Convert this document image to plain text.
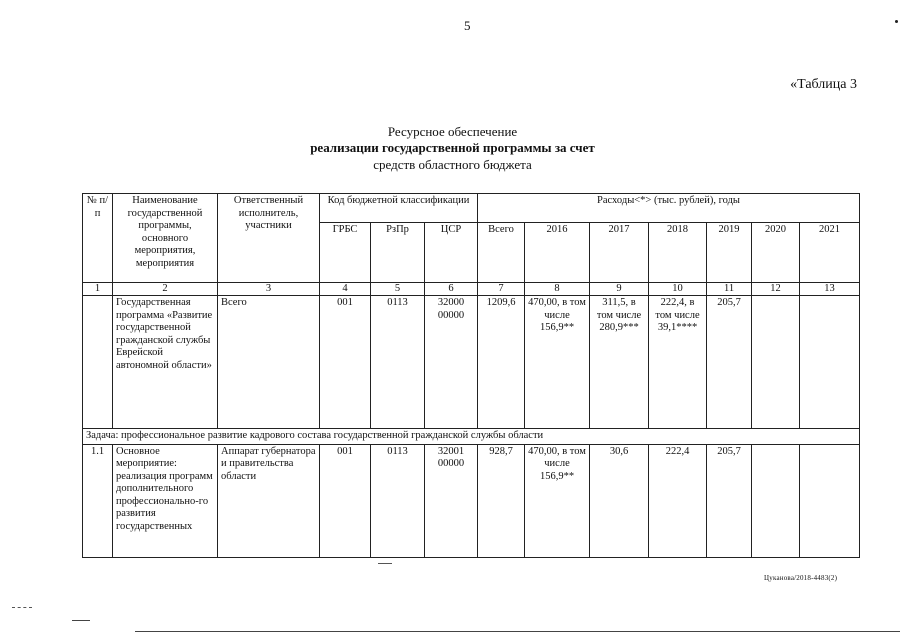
5
«Таблица 3
Ресурсное обеспечение
реализации государственной программы за счет
средств областного бюджета
№ п/п	Наименование государственной программы, основного мероприятия, мероприятия	Ответственный исполнитель, участники	Код бюджетной классификации			Расходы<*> (тыс. рублей), годы						
			ГРБС	РзПр	ЦСР	Всего	2016	2017	2018	2019	2020	2021
1	2	3	4	5	6	7	8	9	10	11	12	13
	Государственная программа «Развитие государственной гражданской службы Еврейской автономной области»	Всего	001	0113	32000 00000	1209,6	470,00, в том числе 156,9**	311,5, в том числе 280,9***	222,4, в том числе 39,1****	205,7		
Задача: профессиональное развитие кадрового состава государственной гражданской службы области												
1.1	Основное мероприятие: реализация программ дополнительного профессионально-го развития государственных	Аппарат губернатора и правительства области	001	0113	32001 00000	928,7	470,00, в том числе 156,9**	30,6	222,4	205,7		
Цуканова/2018-4483(2)
